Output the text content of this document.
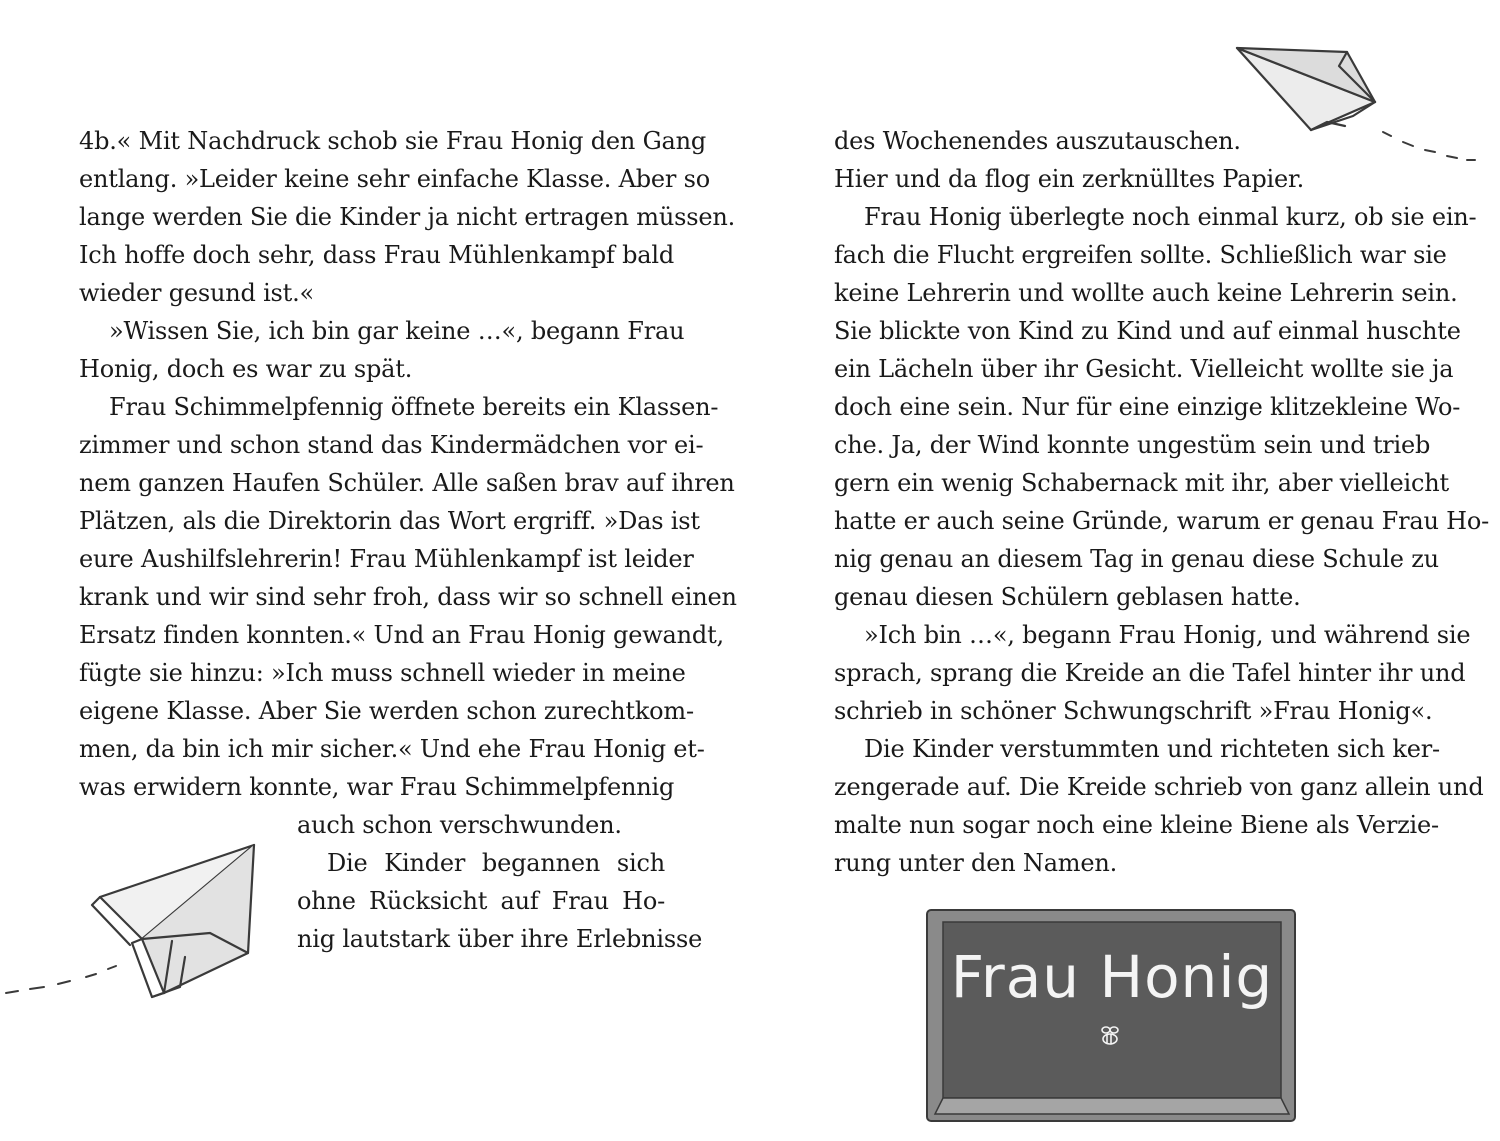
4b.« Mit Nachdruck schob sie Frau Honig den Gang
entlang. »Leider keine sehr einfache Klasse. Aber so
lange werden Sie die Kinder ja nicht ertragen müssen.
Ich hoffe doch sehr, dass Frau Mühlenkampf bald
wieder gesund ist.«
»Wissen Sie, ich bin gar keine …«, begann Frau
Honig, doch es war zu spät.
Frau Schimmelpfennig öffnete bereits ein Klassen-
zimmer und schon stand das Kindermädchen vor ei-
nem ganzen Haufen Schüler. Alle saßen brav auf ihren
Plätzen, als die Direktorin das Wort ergriff. »Das ist
eure Aushilfslehrerin! Frau Mühlenkampf ist leider
krank und wir sind sehr froh, dass wir so schnell einen
Ersatz finden konnten.« Und an Frau Honig gewandt,
fügte sie hinzu: »Ich muss schnell wieder in meine
eigene Klasse. Aber Sie werden schon zurechtkom-
men, da bin ich mir sicher.« Und ehe Frau Honig et-
was erwidern konnte, war Frau Schimmelpfennig
auch schon verschwunden.
Die Kinder begannen sich
ohne Rücksicht auf Frau Ho-
nig lautstark über ihre Erlebnisse
des Wochenendes auszutauschen.
Hier und da flog ein zerknülltes Papier.
Frau Honig überlegte noch einmal kurz, ob sie ein-
fach die Flucht ergreifen sollte. Schließlich war sie
keine Lehrerin und wollte auch keine Lehrerin sein.
Sie blickte von Kind zu Kind und auf einmal huschte
ein Lächeln über ihr Gesicht. Vielleicht wollte sie ja
doch eine sein. Nur für eine einzige klitzekleine Wo-
che. Ja, der Wind konnte ungestüm sein und trieb
gern ein wenig Schabernack mit ihr, aber vielleicht
hatte er auch seine Gründe, warum er genau Frau Ho-
nig genau an diesem Tag in genau diese Schule zu
genau diesen Schülern geblasen hatte.
»Ich bin …«, begann Frau Honig, und während sie
sprach, sprang die Kreide an die Tafel hinter ihr und
schrieb in schöner Schwungschrift »Frau Honig«.
Die Kinder verstummten und richteten sich ker-
zengerade auf. Die Kreide schrieb von ganz allein und
malte nun sogar noch eine kleine Biene als Verzie-
rung unter den Namen.
Frau Honig
